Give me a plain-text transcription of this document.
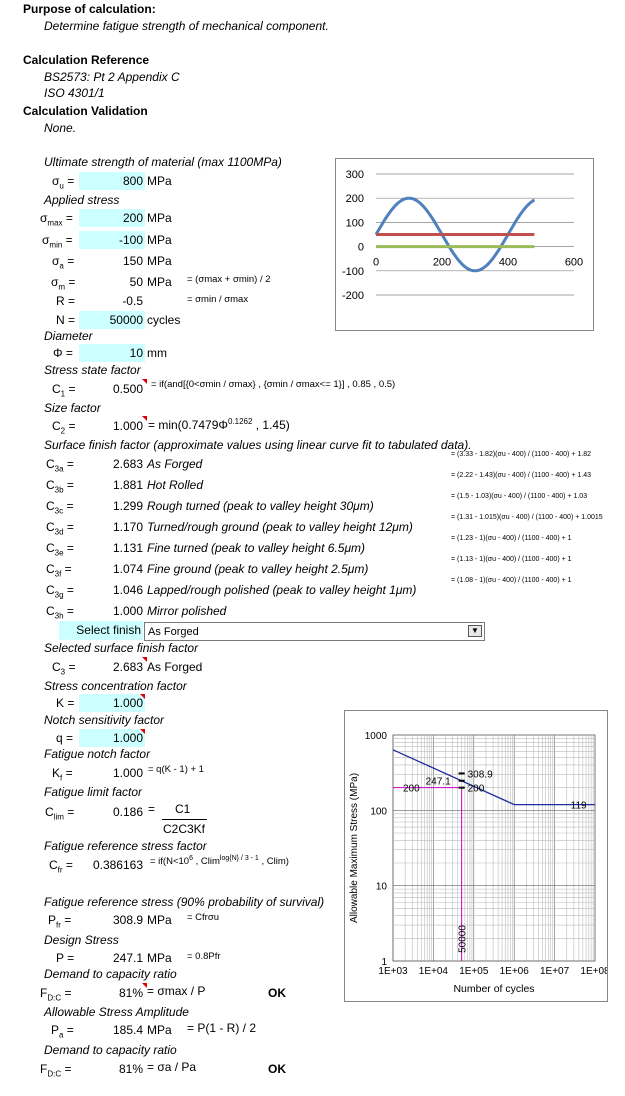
Purpose of calculation:
Determine fatigue strength of mechanical component.
Calculation Reference
BS2573: Pt 2 Appendix C
ISO 4301/1
Calculation Validation
None.
Ultimate strength of material (max 1100MPa)
$\sigma_u$ =	800 MPa
Applied stress
$\sigma_{max}$ =	200 MPa
$\sigma_{min}$ =	-100 MPa
$\sigma_a$ =	150 MPa
$\sigma_m$ =	50 MPa = (σmax + σmin) / 2
R =	-0.5	= σmin / σmax
N =	50000 cycles
Diameter
Φ =	10 mm
300
200
100
0
-100
-200
0	200	400	600
Stress state factor
$C_1$ =	0.500 = if(and[{0<σmin / σmax} , {σmin / σmax<= 1}] , 0.85 , 0.5)
Size factor
$C_2$ =	$1.000 = \min(0.7479\Phi^{0.1262}$ , 1.45)
Surface finish factor (approximate values using linear curve fit to tabulated data).
$C_{3a}$ =	2.683 As Forged
= (3.33 - 1.82)(σu - 400) / (1100 - 400) + 1.82
$C_{3b}$ =	1.881 Hot Rolled
= (2.22 - 1.43)(σu - 400) / (1100 - 400) + 1.43
$C_{3c}$ =	1.299 Rough turned (peak to valley height 30μm)
= (1.5 - 1.03)(σu - 400) / (1100 - 400) + 1.03
$C_{3d}$ =	1.170 Turned/rough ground (peak to valley height 12μm)
= (1.31 - 1.015)(σu - 400) / (1100 - 400) + 1.0015
$C_{3e}$ =	1.131 Fine turned (peak to valley height 6.5μm)
= (1.23 - 1)(σu - 400) / (1100 - 400) + 1
$C_{3f}$ =	1.074 Fine ground (peak to valley height 2.5μm)
= (1.13 - 1)(σu - 400) / (1100 - 400) + 1
$C_{3g}$ =	1.046 Lapped/rough polished (peak to valley height 1μm)
= (1.08 - 1)(σu - 400) / (1100 - 400) + 1
$C_{3h}$ =	1.000 Mirror polished
Select finish As Forged	▼
Selected surface finish factor
$C_3$ =	2.683 As Forged
Stress concentration factor
K =	1.000
Notch sensitivity factor
q =	1.000
Fatigue notch factor
$K_f$ =	1.000 = q(K - 1) + 1
Fatigue limit factor
$C_{lim}$ =	0.186 = C1
C2C3Kf
Fatigue reference stress factor
$C_{fr}$ =	$0.386163 = if(N<10^6$ , Clim$^{log\{N\} / 3 - 1}$ , Clim)
Fatigue reference stress (90% probability of survival)
$P_{fr}$ =	308.9 MPa = Cfrσu
Design Stress
P =	247.1 MPa = 0.8Pfr
Demand to capacity ratio
$F_{D:C}$ =	81% = σmax / P	OK
Allowable Stress Amplitude
$P_a$ =	185.4 MPa = P(1 - R) / 2
Demand to capacity ratio
$F_{D:C}$ =	81% = σa / Pa	OK
1000
100
10
1
1E+03 1E+04 1E+05 1E+06 1E+07 1E+08
Number of cycles
Allowable Maximum Stress (MPa)	308.9
247.1
200	200
119
50000
